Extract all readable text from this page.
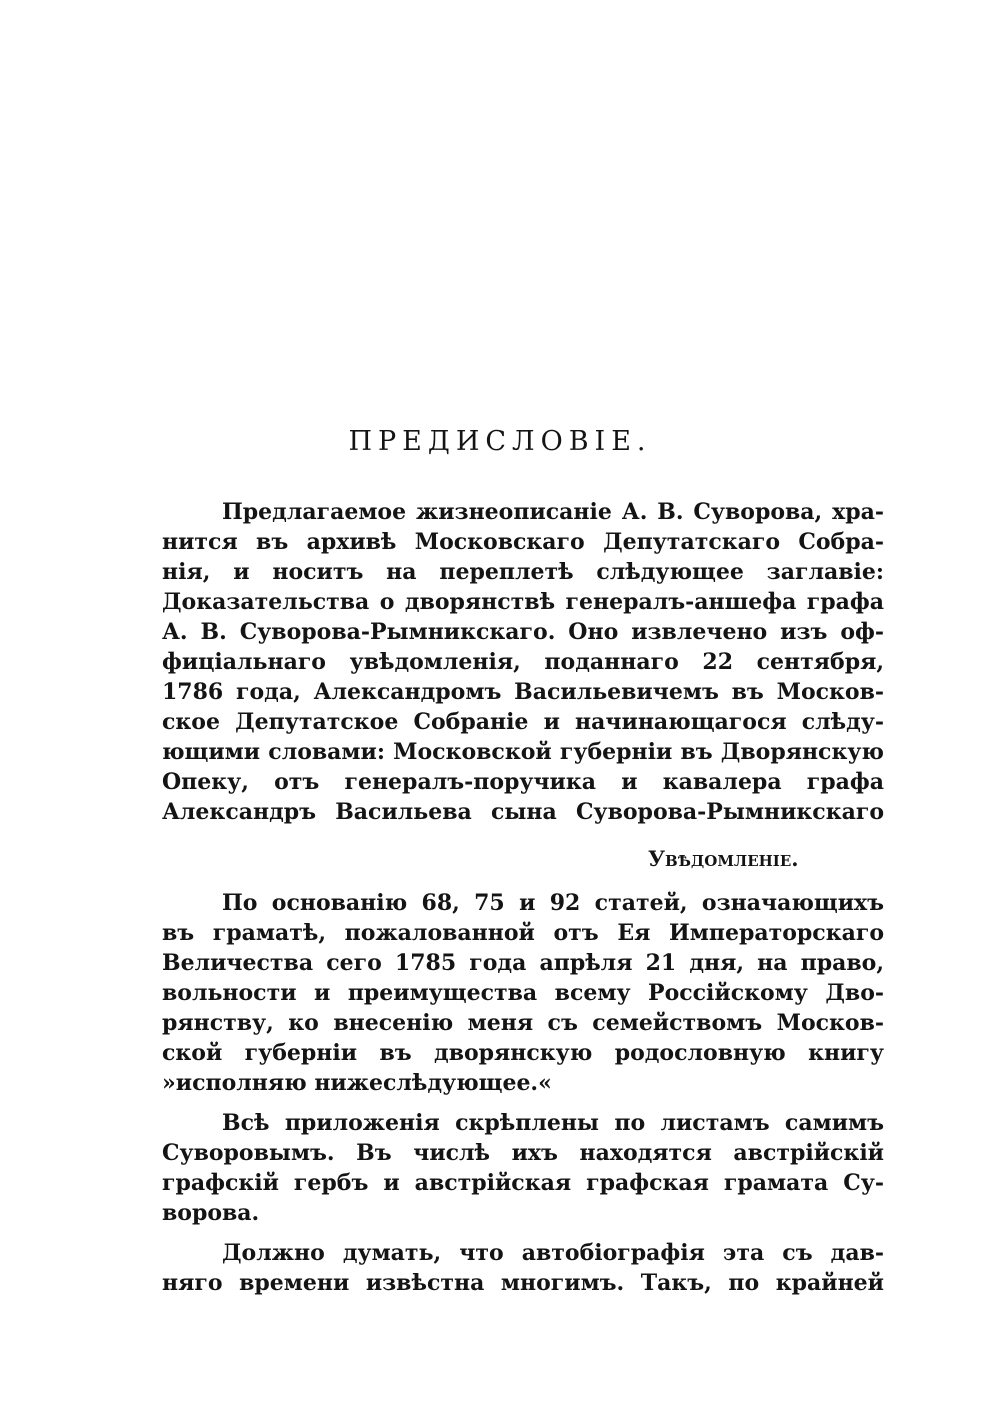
ПРЕДИСЛОВІЕ.

Предлагаемое жизнеописаніе А. В. Суворова, хра-

нится въ архивѣ Московскаго Депутатскаго Собра-

нія, и носитъ на переплетѣ слѣдующее заглавіе:

Доказательства о дворянствѣ генералъ-аншефа графа

А. В. Суворова-Рымникскаго. Оно извлечено изъ оф-

фиціальнаго увѣдомленія, поданнаго 22 сентября,

1786 года, Александромъ Васильевичемъ въ Москов-

ское Депутатское Собраніе и начинающагося слѣду-

ющими словами: Московской губерніи въ Дворянскую

Опеку, отъ генералъ-поручика и кавалера графа

Александръ Васильева сына Суворова-Рымникскаго

Увѣдомленіе.

По основанію 68, 75 и 92 статей, означающихъ

въ граматѣ, пожалованной отъ Ея Императорскаго

Величества сего 1785 года апрѣля 21 дня, на право,

вольности и преимущества всему Россійскому Дво-

рянству, ко внесенію меня съ семействомъ Москов-

ской губерніи въ дворянскую родословную книгу

»исполняю нижеслѣдующее.«

Всѣ приложенія скрѣплены по листамъ самимъ

Суворовымъ. Въ числѣ ихъ находятся австрійскій

графскій гербъ и австрійская графская грамата Су-

ворова.

Должно думать, что автобіографія эта съ дав-

няго времени извѣстна многимъ. Такъ, по крайней
